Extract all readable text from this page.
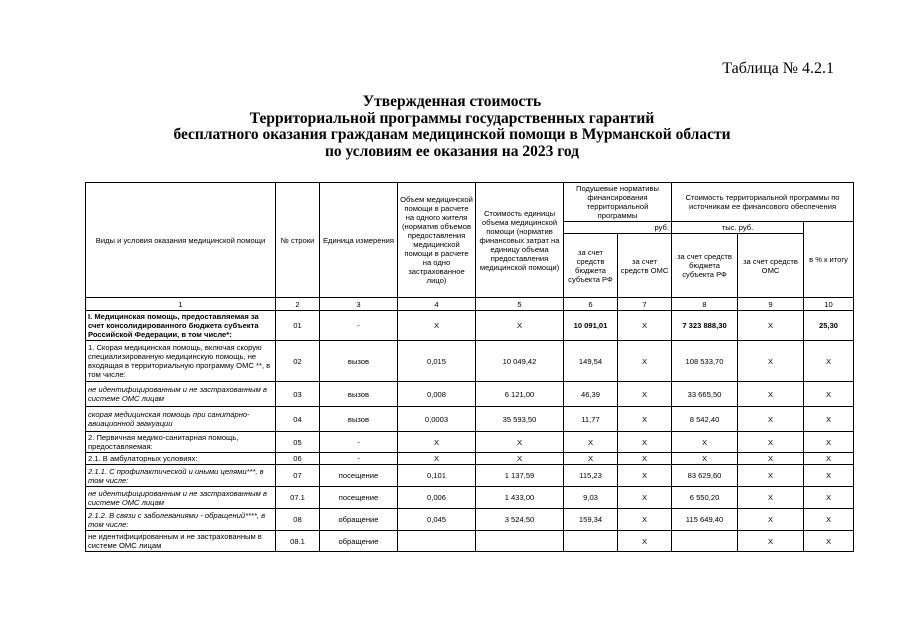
Таблица № 4.2.1
Утвержденная стоимость
Территориальной программы государственных гарантий
бесплатного оказания гражданам медицинской помощи в Мурманской области
по условиям ее оказания на 2023 год
Виды и условия оказания медицинской помощи	№ строки	Единица измерения	Объем медицинской помощи в расчете на одного жителя (норматив объемов предоставления медицинской помощи в расчете на одно застрахованное лицо)	Стоимость единицы объема медицинской помощи (норматив финансовых затрат на единицу объема предоставления медицинской помощи)	Подушевые нормативы финансирования территориальной программы		Стоимость территориальной программы по источникам ее финансового обеспечения		
					руб.		тыс. руб.		в % к итогу
					за счет средств бюджета субъекта РФ	за счет средств ОМС	за счет средств бюджета субъекта РФ	за счет средств ОМС	
1	2	3	4	5	6	7	8	9	10
I. Медицинская помощь, предоставляемая за счет консолидированного бюджета субъекта Российской Федерации, в том числе*:	01	-	X	X	10 091,01	X	7 323 888,30	X	25,30
1. Скорая медицинская помощь, включая скорую специализированную медицинскую помощь, не входящая в территориальную программу ОМС **, в том числе:	02	вызов	0,015	10 049,42	149,54	X	108 533,70	X	X
не идентифицированным и не застрахованным в системе ОМС лицам	03	вызов	0,008	6 121,00	46,39	X	33 665,50	X	X
скорая медицинская помощь при санитарно-авиационной эвакуации	04	вызов	0,0003	35 593,50	11,77	X	8 542,40	X	X
2. Первичная медико-санитарная помощь, предоставляемая:	05	-	X	X	X	X	X	X	X
2.1. В амбулаторных условиях:	06	-	X	X	X	X	X	X	X
2.1.1. С профилактической и иными целями***, в том числе:	07	посещение	0,101	1 137,59	115,23	X	83 629,60	X	X
не идентифицированным и не застрахованным в системе ОМС лицам	07.1	посещение	0,006	1 433,00	9,03	X	6 550,20	X	X
2.1.2. В связи с заболеваниями - обращений****, в том числе:	08	обращение	0,045	3 524,50	159,34	X	115 649,40	X	X
не идентифицированным и не застрахованным в системе ОМС лицам	08.1	обращение				X		X	X
